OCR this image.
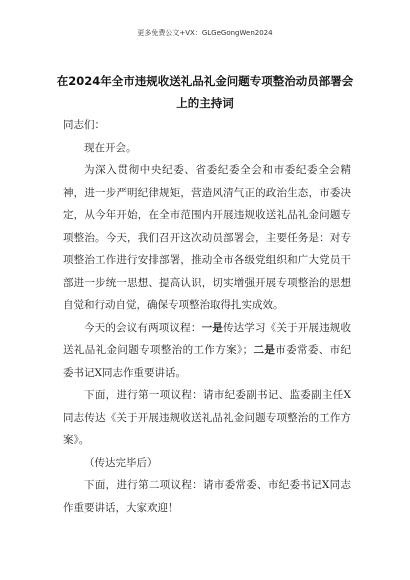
更多免费公文+VX：GLGeGongWen2024
在2024年全市违规收送礼品礼金问题专项整治动员部署会
上的主持词

同志们：

现在开会。

为深入贯彻中央纪委、省委纪委全会和市委纪委全会精神，进一步严明纪律规矩，营造风清气正的政治生态，市委决定，从今年开始，在全市范围内开展违规收送礼品礼金问题专项整治。今天，我们召开这次动员部署会，主要任务是：对专项整治工作进行安排部署，推动全市各级党组织和广大党员干部进一步统一思想、提高认识，切实增强开展专项整治的思想自觉和行动自觉，确保专项整治取得扎实成效。

今天的会议有两项议程：一是传达学习《关于开展违规收送礼品礼金问题专项整治的工作方案》；二是市委常委、市纪委书记X同志作重要讲话。

下面，进行第一项议程：请市纪委副书记、监委副主任X同志传达《关于开展违规收送礼品礼金问题专项整治的工作方案》。

（传达完毕后）

下面，进行第二项议程：请市委常委、市纪委书记X同志作重要讲话，大家欢迎！
